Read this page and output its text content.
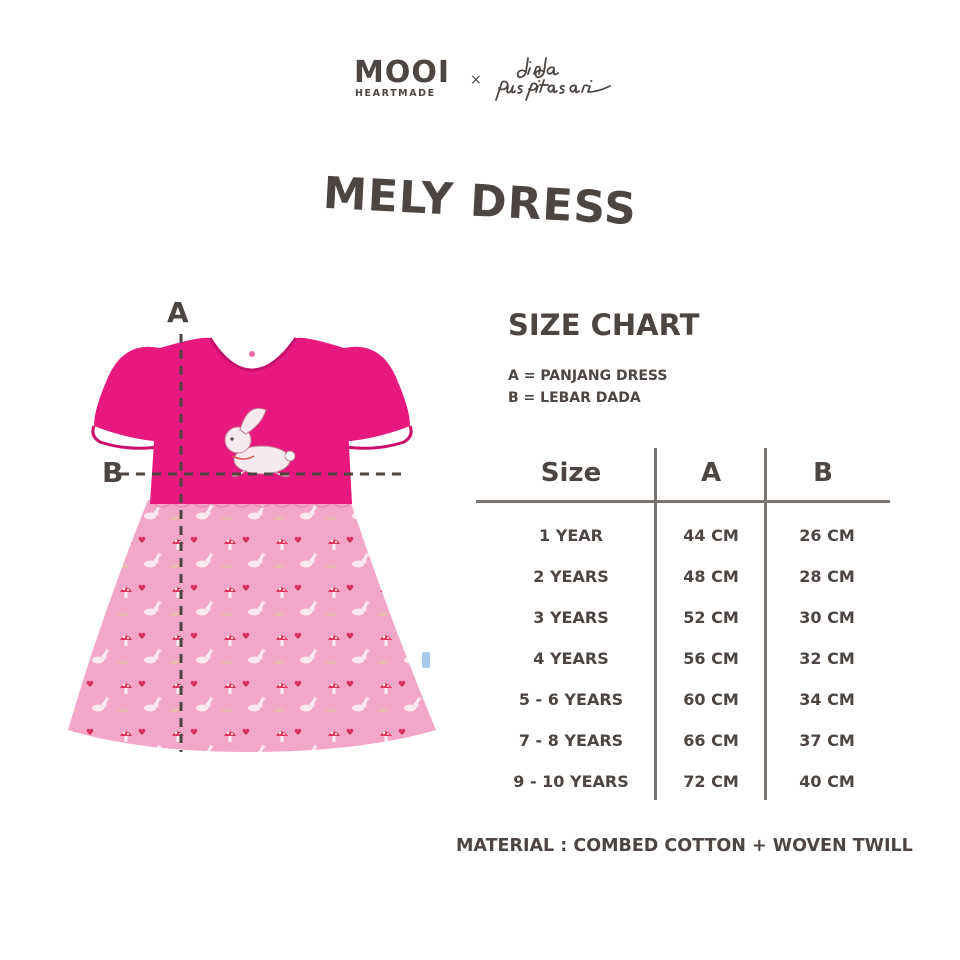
MOOI
HEARTMADE
×
MELY DRESS
A
B
SIZE CHART
A = PANJANG DRESS
B = LEBAR DADA
Size	A	B
1 YEAR	44 CM	26 CM
2 YEARS	48 CM	28 CM
3 YEARS	52 CM	30 CM
4 YEARS	56 CM	32 CM
5 - 6 YEARS	60 CM	34 CM
7 - 8 YEARS	66 CM	37 CM
9 - 10 YEARS	72 CM	40 CM
MATERIAL : COMBED COTTON + WOVEN TWILL
